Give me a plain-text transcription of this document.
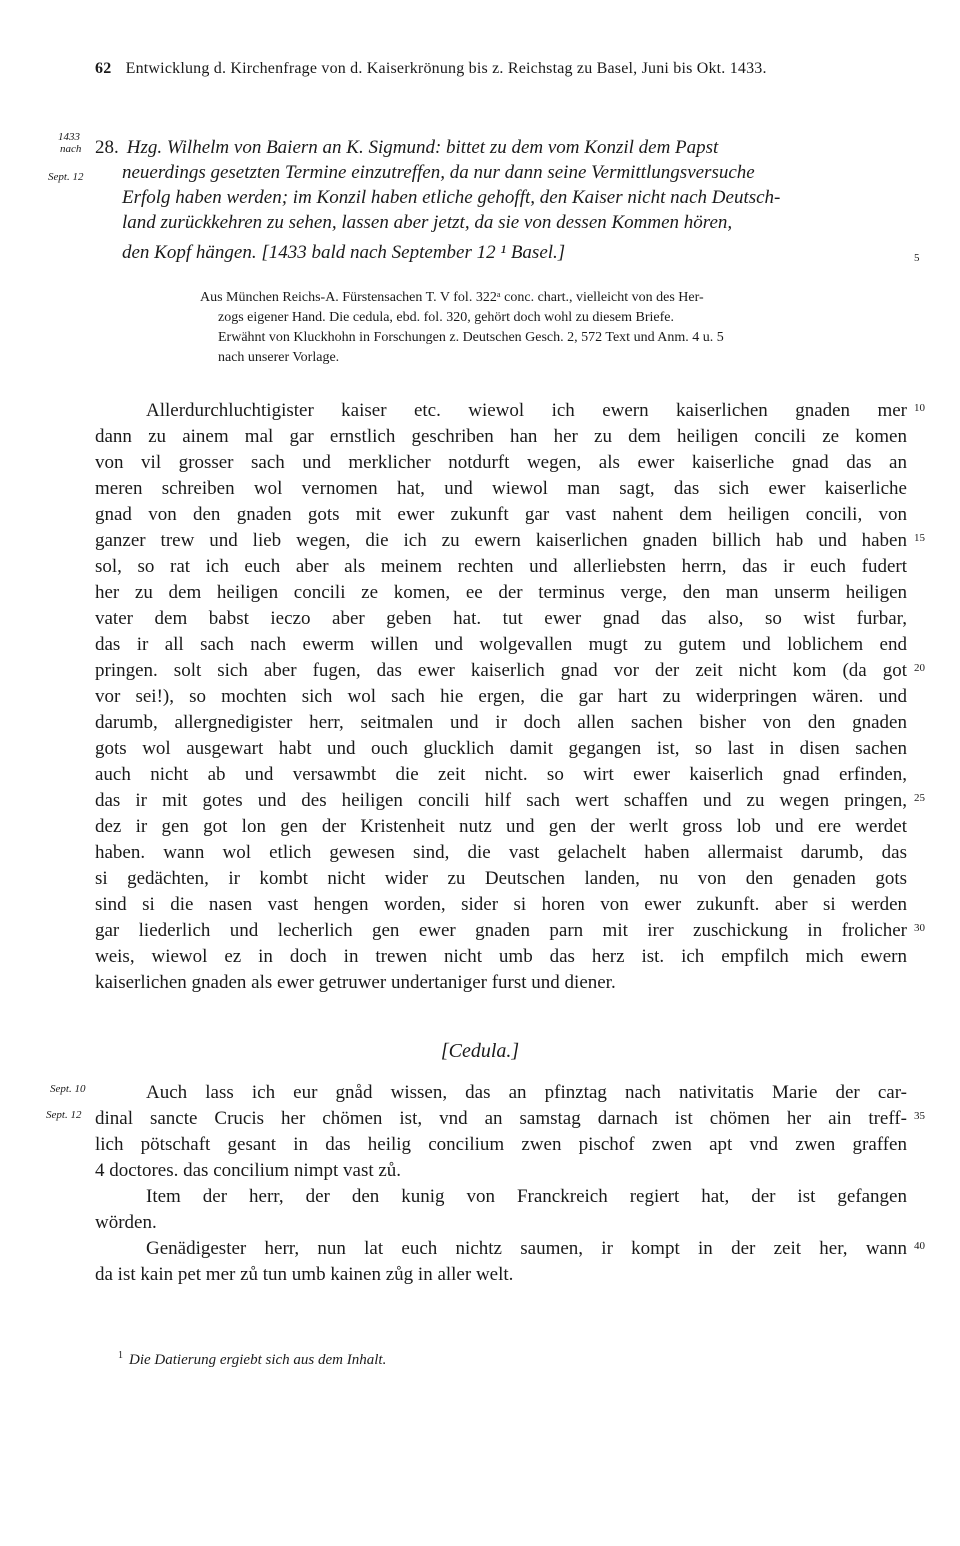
62 Entwicklung d. Kirchenfrage von d. Kaiserkrönung bis z. Reichstag zu Basel, Juni bis Okt. 1433.
1433
nach
Sept. 12
28. Hzg. Wilhelm von Baiern an K. Sigmund: bittet zu dem vom Konzil dem Papst
neuerdings gesetzten Termine einzutreffen, da nur dann seine Vermittlungsversuche
Erfolg haben werden; im Konzil haben etliche gehofft, den Kaiser nicht nach Deutsch-
land zurückkehren zu sehen, lassen aber jetzt, da sie von dessen Kommen hören,
den Kopf hängen. [1433 bald nach September 12 ¹ Basel.]
Aus München Reichs-A. Fürstensachen T. V fol. 322ᵃ conc. chart., vielleicht von des Her-
zogs eigener Hand. Die cedula, ebd. fol. 320, gehört doch wohl zu diesem Briefe.
Erwähnt von Kluckhohn in Forschungen z. Deutschen Gesch. 2, 572 Text und Anm. 4 u. 5
nach unserer Vorlage.
Allerdurchluchtigister kaiser etc. wiewol ich ewern kaiserlichen gnaden mer
dann zu ainem mal gar ernstlich geschriben han her zu dem heiligen concili ze komen
von vil grosser sach und merklicher notdurft wegen, als ewer kaiserliche gnad das an
meren schreiben wol vernomen hat, und wiewol man sagt, das sich ewer kaiserliche
gnad von den gnaden gots mit ewer zukunft gar vast nahent dem heiligen concili, von
ganzer trew und lieb wegen, die ich zu ewern kaiserlichen gnaden billich hab und haben
sol, so rat ich euch aber als meinem rechten und allerliebsten herrn, das ir euch fudert
her zu dem heiligen concili ze komen, ee der terminus verge, den man unserm heiligen
vater dem babst ieczo aber geben hat. tut ewer gnad das also, so wist furbar,
das ir all sach nach ewerm willen und wolgevallen mugt zu gutem und loblichem end
pringen. solt sich aber fugen, das ewer kaiserlich gnad vor der zeit nicht kom (da got
vor sei!), so mochten sich wol sach hie ergen, die gar hart zu widerpringen wären. und
darumb, allergnedigister herr, seitmalen und ir doch allen sachen bisher von den gnaden
gots wol ausgewart habt und ouch glucklich damit gegangen ist, so last in disen sachen
auch nicht ab und versawmbt die zeit nicht. so wirt ewer kaiserlich gnad erfinden,
das ir mit gotes und des heiligen concili hilf sach wert schaffen und zu wegen pringen,
dez ir gen got lon gen der Kristenheit nutz und gen der werlt gross lob und ere werdet
haben. wann wol etlich gewesen sind, die vast gelachelt haben allermaist darumb, das
si gedächten, ir kombt nicht wider zu Deutschen landen, nu von den genaden gots
sind si die nasen vast hengen worden, sider si horen von ewer zukunft. aber si werden
gar liederlich und lecherlich gen ewer gnaden parn mit irer zuschickung in frolicher
weis, wiewol ez in doch in trewen nicht umb das herz ist. ich empfilch mich ewern
kaiserlichen gnaden als ewer getruwer undertaniger furst und diener.
[Cedula.]
Sept. 10
Sept. 12
Auch lass ich eur gnåd wissen, das an pfinztag nach nativitatis Marie der car-
dinal sancte Crucis her chömen ist, vnd an samstag darnach ist chömen her ain treff-
lich pötschaft gesant in das heilig concilium zwen pischof zwen apt vnd zwen graffen
4 doctores. das concilium nimpt vast zů.
Item der herr, der den kunig von Franckreich regiert hat, der ist gefangen
wörden.
Genädigester herr, nun lat euch nichtz saumen, ir kompt in der zeit her, wann
da ist kain pet mer zů tun umb kainen zůg in aller welt.
5
10
15
20
25
30
35
40
$^1$ Die Datierung ergiebt sich aus dem Inhalt.
